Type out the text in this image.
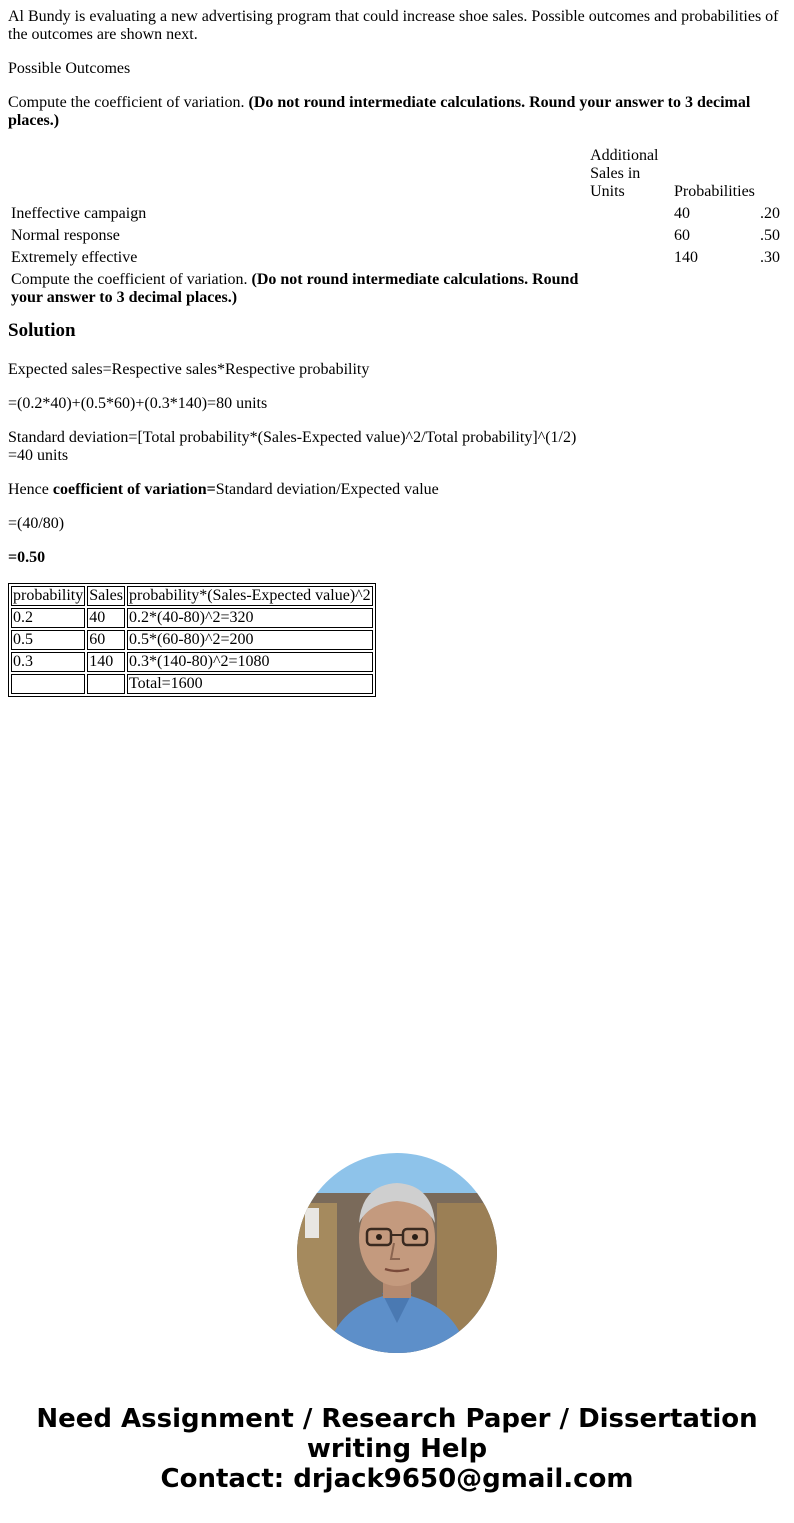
Al Bundy is evaluating a new advertising program that could increase shoe sales. Possible outcomes and probabilities of the outcomes are shown next.

Possible Outcomes

Compute the coefficient of variation. (Do not round intermediate calculations. Round your answer to 3 decimal places.)

	Additional Sales in Units	Probabilities	
Ineffective campaign		40	.20
Normal response		60	.50
Extremely effective		140	.30
Compute the coefficient of variation. (Do not round intermediate calculations. Round your answer to 3 decimal places.)			
Solution

Expected sales=Respective sales*Respective probability

=(0.2*40)+(0.5*60)+(0.3*140)=80 units

Standard deviation=[Total probability*(Sales-Expected value)^2/Total probability]^(1/2)
=40 units

Hence coefficient of variation=Standard deviation/Expected value

=(40/80)

=0.50

probability	Sales	probability*(Sales-Expected value)^2
0.2	40	0.2*(40-80)^2=320
0.5	60	0.5*(60-80)^2=200
0.3	140	0.3*(140-80)^2=1080
		Total=1600
Need Assignment / Research Paper / Dissertation
writing Help
Contact: drjack9650@gmail.com
